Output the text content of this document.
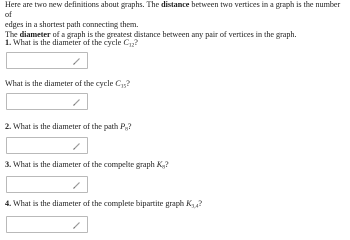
Here are two new definitions about graphs. The distance between two vertices in a graph is the number of
edges in a shortest path connecting them.
The diameter of a graph is the greatest distance between any pair of vertices in the graph.
1. What is the diameter of the cycle $C_{12}$?
What is the diameter of the cycle $C_{15}$?
2. What is the diameter of the path $P_8$?
3. What is the diameter of the compelte graph $K_8$?
4. What is the diameter of the complete bipartite graph $K_{3,4}$?
